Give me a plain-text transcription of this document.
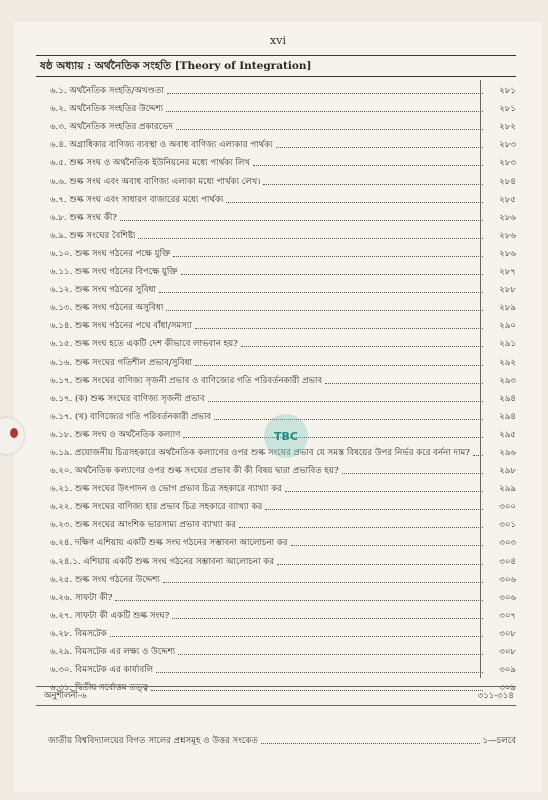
xvi
ষষ্ঠ অধ্যায় : অর্থনৈতিক সংহতি [Theory of Integration]
৬.১. অর্থনৈতিক সংহতি/অখণ্ডতা	২৮১
৬.২. অর্থনৈতিক সংহতির উদ্দেশ্য	২৮১
৬.৩. অর্থনৈতিক সংহতির প্রকারভেদ	২৮২
৬.৪. অগ্রাধিকার বাণিজ্য ব্যবস্থা ও অবাধ বাণিজ্য এলাকার পার্থক্য	২৮৩
৬.৫. শুল্ক সংঘ ও অর্থনৈতিক ইউনিয়নের মধ্যে পার্থক্য লিখ	২৮৩
৬.৬. শুল্ক সংঘ এবং অবাধ বাণিজ্য এলাকা মধ্যে পার্থক্য লেখ।	২৮৪
৬.৭. শুল্ক সংঘ এবং সাধারণ বাজারের মধ্যে পার্থক্য	২৮৫
৬.৮. শুল্ক সংঘ কী?	২৮৬
৬.৯. শুল্ক সংঘের বৈশিষ্ট্য	২৮৬
৬.১০. শুল্ক সংঘ গঠনের পক্ষে যুক্তি	২৮৬
৬.১১. শুল্ক সংঘ গঠনের বিপক্ষে যুক্তি	২৮৭
৬.১২. শুল্ক সংঘ গঠনের সুবিধা	২৮৮
৬.১৩. শুল্ক সংঘ গঠনের অসুবিধা	২৮৯
৬.১৪. শুল্ক সংঘ গঠনের পথে বাঁধা/সমস্যা	২৯০
৬.১৫. শুল্ক সংঘ হতে একটি দেশ কীভাবে লাভবান হয়?	২৯১
৬.১৬. শুল্ক সংঘের গতিশীল প্রভাব/সুবিধা	২৯২
৬.১৭. শুল্ক সংঘের বাণিজ্য সৃজনী প্রভাব ও বাণিজ্যের গতি পরিবর্তনকারী প্রভাব	২৯৩
৬.১৭. (ক) শুল্ক সংঘের বাণিজ্য সৃজনী প্রভাব	২৯৪
৬.১৭. (খ) বাণিজ্যের গতি পরিবর্তনকারী প্রভাব	২৯৪
৬.১৮. শুল্ক সংঘ ও অর্থনৈতিক কল্যাণ	২৯৫
৬.১৯. প্রযোজনীয় চিত্রসহকারে অর্থনৈতিক কল্যাণের ওপর শুল্ক সংঘের প্রভাব যে সমস্ত বিষয়ের উপর নির্ভর করে বর্ননা দাম?	২৯৬
৬.২০. অর্থনৈতিক কল্যাণের ওপর শুল্ক সংঘের প্রভাব কী কী বিষয় দ্বারা প্রভাবিত হয়?	২৯৮
৬.২১. শুল্ক সংঘের উৎপাদন ও ভোগ প্রভাব চিত্র সহকারে ব্যাখ্যা কর	২৯৯
৬.২২. শুল্ক সংঘের বাণিজ্য হার প্রভাব চিত্র সহকারে ব্যাখ্যা কর	৩০০
৬.২৩. শুল্ক সংঘের আংশিক ভারসাম্য প্রভাব ব্যাখ্যা কর	৩০১
৬.২৪. দক্ষিণ এশিয়ায় একটি শুল্ক সংঘ গঠনের সম্ভাবনা আলোচনা কর	৩০৩
৬.২৪.১. এশিয়ায় একটি শুল্ক সংঘ গঠনের সম্ভাবনা আলোচনা কর	৩০৪
৬.২৫. শুল্ক সংঘ গঠনের উদ্দেশ্য	৩০৬
৬.২৬. সাফটা কী?	৩০৬
৬.২৭. সাফটা কী একটি শুল্ক সংঘ?	৩০৭
৬.২৮. বিমসটেক	৩০৮
৬.২৯. বিমসটেক এর লক্ষ্য ও উদ্দেশ্য	৩০৮
৬.৩০. বিমসটেক এর কার্যাবলি	৩০৯
৬.৩১. দ্বিতীয় সর্বোত্তম তত্ত্ব	৩০৯
অনুশীলনী-৬	৩১১-৩১৪
জাতীয় বিশ্ববিদ্যালয়ের বিগত সালের প্রশ্নসমূহ ও উত্তর সংকেত	১—চলবে
TBC
